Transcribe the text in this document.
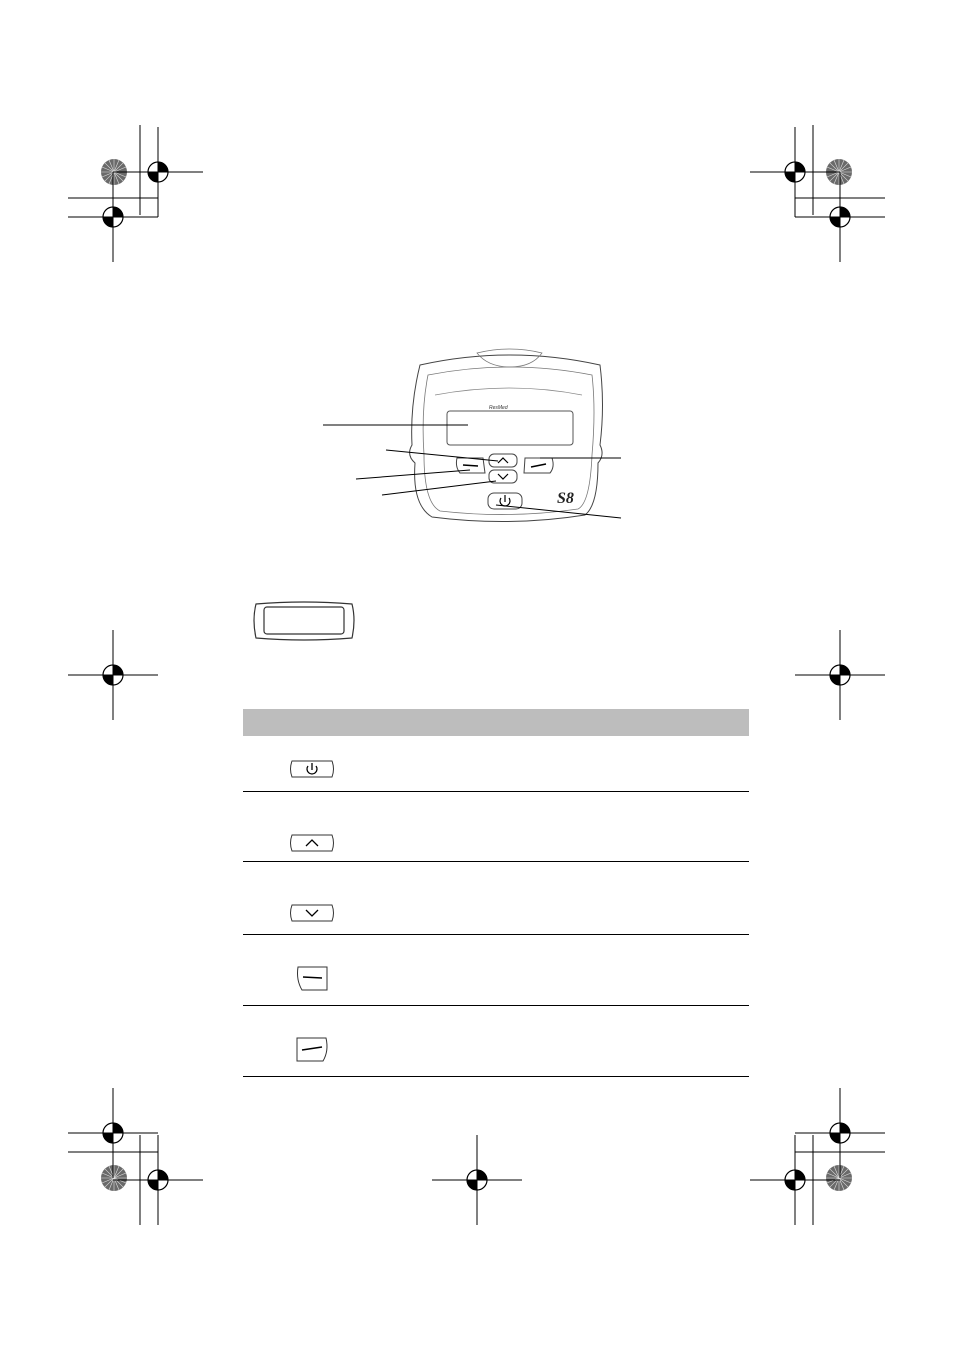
ResMed
S8
